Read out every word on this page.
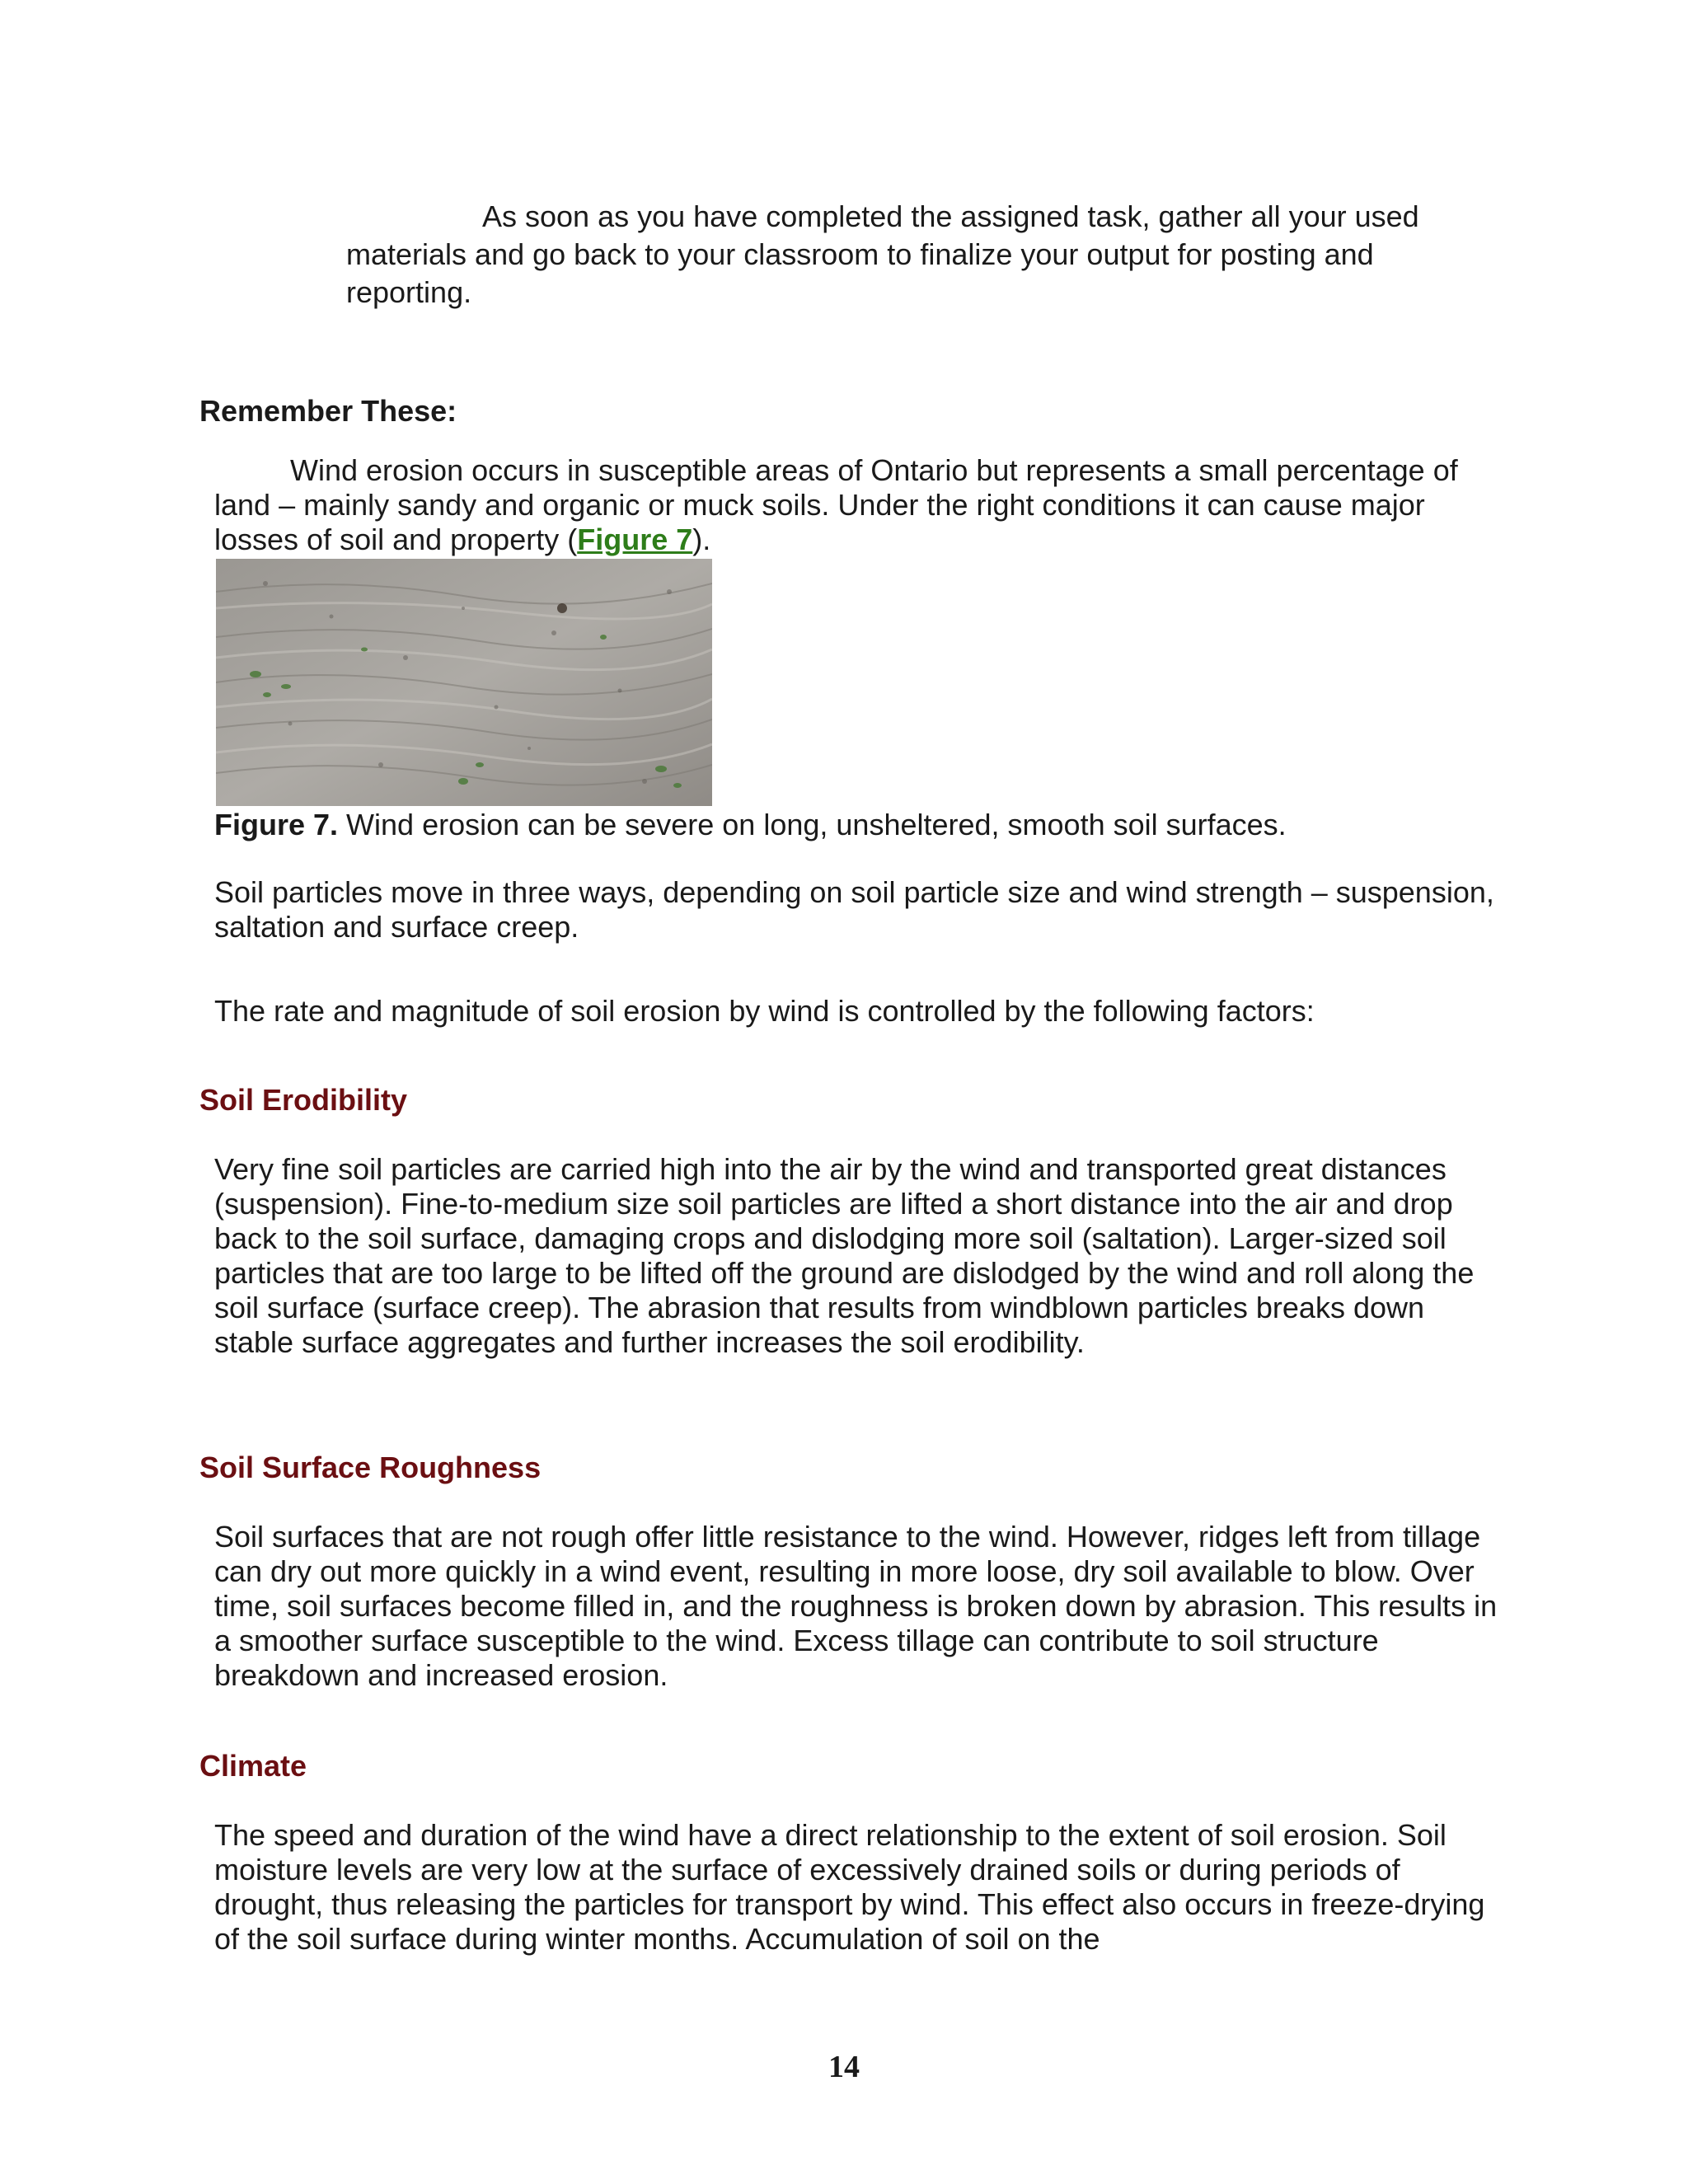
As soon as you have completed the assigned task, gather all your used materials and go back to your classroom to finalize your output for posting and reporting.

Remember These:

Wind erosion occurs in susceptible areas of Ontario but represents a small percentage of land – mainly sandy and organic or muck soils. Under the right conditions it can cause major losses of soil and property (Figure 7).

Figure 7. Wind erosion can be severe on long, unsheltered, smooth soil surfaces.

Soil particles move in three ways, depending on soil particle size and wind strength – suspension, saltation and surface creep.

The rate and magnitude of soil erosion by wind is controlled by the following factors:

Soil Erodibility

Very fine soil particles are carried high into the air by the wind and transported great distances (suspension). Fine-to-medium size soil particles are lifted a short distance into the air and drop back to the soil surface, damaging crops and dislodging more soil (saltation). Larger-sized soil particles that are too large to be lifted off the ground are dislodged by the wind and roll along the soil surface (surface creep). The abrasion that results from windblown particles breaks down stable surface aggregates and further increases the soil erodibility.

Soil Surface Roughness

Soil surfaces that are not rough offer little resistance to the wind. However, ridges left from tillage can dry out more quickly in a wind event, resulting in more loose, dry soil available to blow. Over time, soil surfaces become filled in, and the roughness is broken down by abrasion. This results in a smoother surface susceptible to the wind. Excess tillage can contribute to soil structure breakdown and increased erosion.

Climate

The speed and duration of the wind have a direct relationship to the extent of soil erosion. Soil moisture levels are very low at the surface of excessively drained soils or during periods of drought, thus releasing the particles for transport by wind. This effect also occurs in freeze-drying of the soil surface during winter months. Accumulation of soil on the

14
